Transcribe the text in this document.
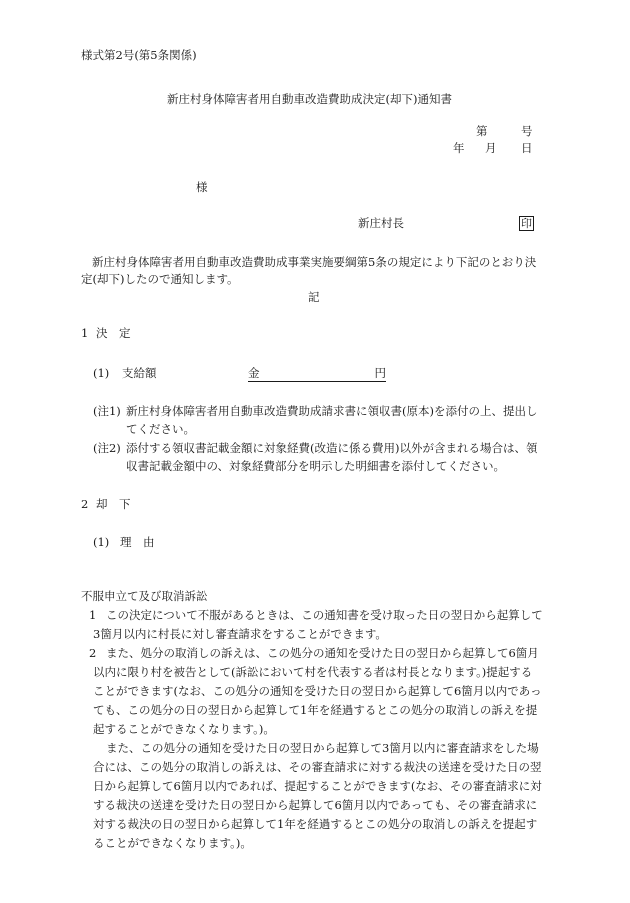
様式第2号(第5条関係)
新庄村身体障害者用自動車改造費助成決定(却下)通知書
第	号
年 月 日
様
新庄村長	印
新庄村身体障害者用自動車改造費助成事業実施要綱第5条の規定により下記のとおり決
定(却下)したので通知します。
記
1 決　定
(1) 支給額	金	円
(注1) 新庄村身体障害者用自動車改造費助成請求書に領収書(原本)を添付の上、提出し
てください。
(注2) 添付する領収書記載金額に対象経費(改造に係る費用)以外が含まれる場合は、領
収書記載金額中の、対象経費部分を明示した明細書を添付してください。
2 却　下
(1) 理　由
不服申立て及び取消訴訟
1 この決定について不服があるときは、この通知書を受け取った日の翌日から起算して
3箇月以内に村長に対し審査請求をすることができます。
2 また、処分の取消しの訴えは、この処分の通知を受けた日の翌日から起算して6箇月
以内に限り村を被告として(訴訟において村を代表する者は村長となります。)提起する
ことができます(なお、この処分の通知を受けた日の翌日から起算して6箇月以内であっ
ても、この処分の日の翌日から起算して1年を経過するとこの処分の取消しの訴えを提
起することができなくなります。)。
また、この処分の通知を受けた日の翌日から起算して3箇月以内に審査請求をした場
合には、この処分の取消しの訴えは、その審査請求に対する裁決の送達を受けた日の翌
日から起算して6箇月以内であれば、提起することができます(なお、その審査請求に対
する裁決の送達を受けた日の翌日から起算して6箇月以内であっても、その審査請求に
対する裁決の日の翌日から起算して1年を経過するとこの処分の取消しの訴えを提起す
ることができなくなります。)。
